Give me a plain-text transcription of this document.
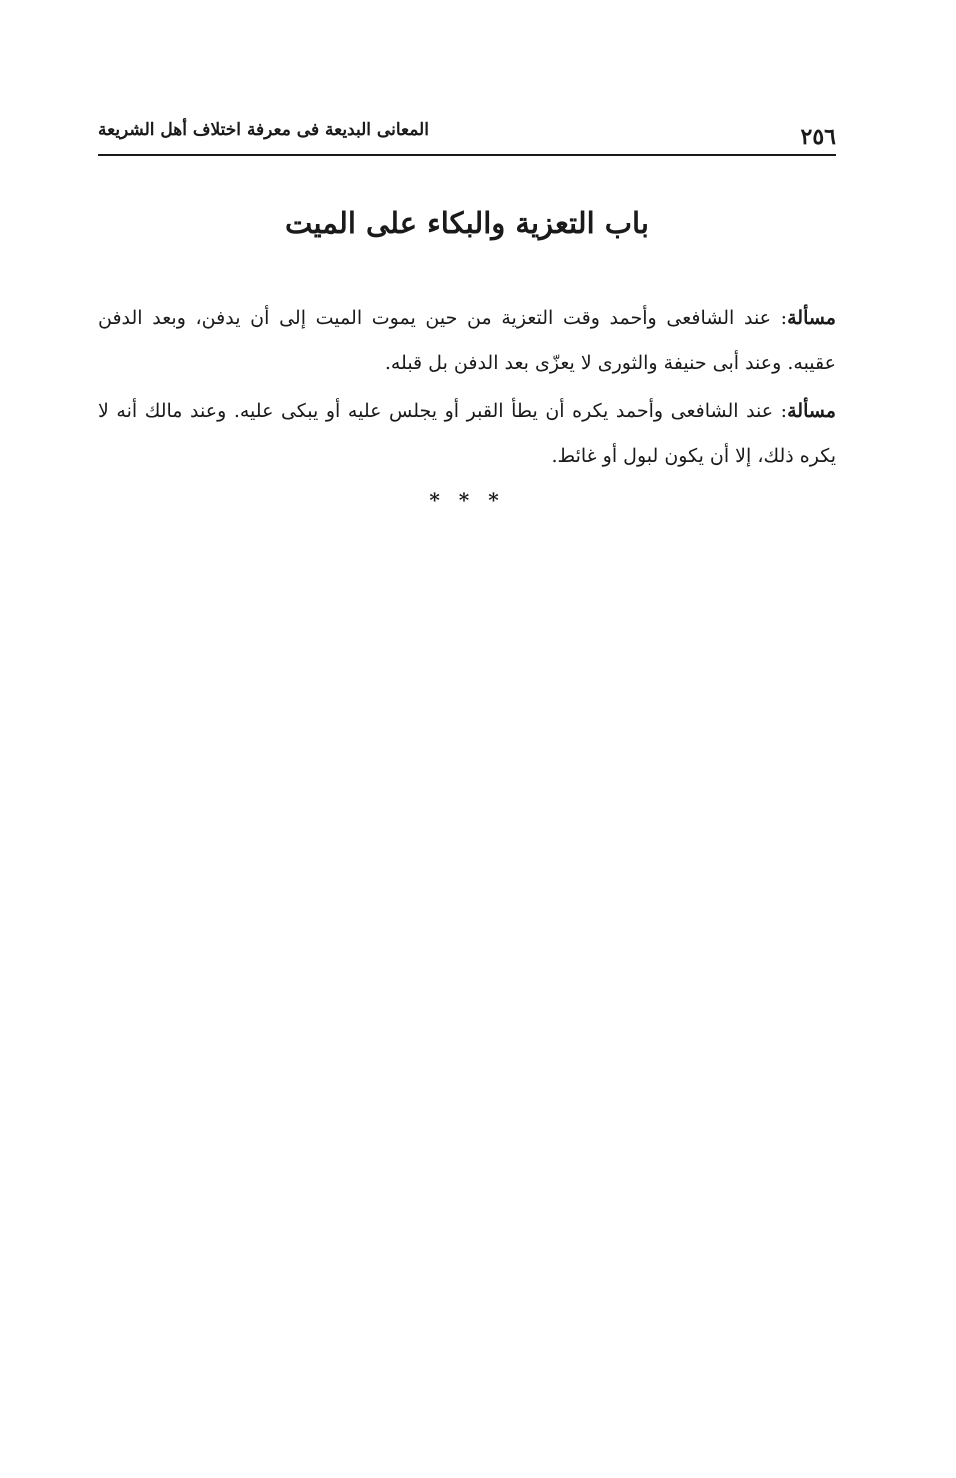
٢٥٦
المعانى البديعة فى معرفة اختلاف أهل الشريعة
باب التعزية والبكاء على الميت

مسألة: عند الشافعى وأحمد وقت التعزية من حين يموت الميت إلى أن يدفن، وبعد الدفن عقيبه. وعند أبى حنيفة والثورى لا يعزّى بعد الدفن بل قبله.

مسألة: عند الشافعى وأحمد يكره أن يطأ القبر أو يجلس عليه أو يبكى عليه. وعند مالك أنه لا يكره ذلك، إلا أن يكون لبول أو غائط.

* * *
